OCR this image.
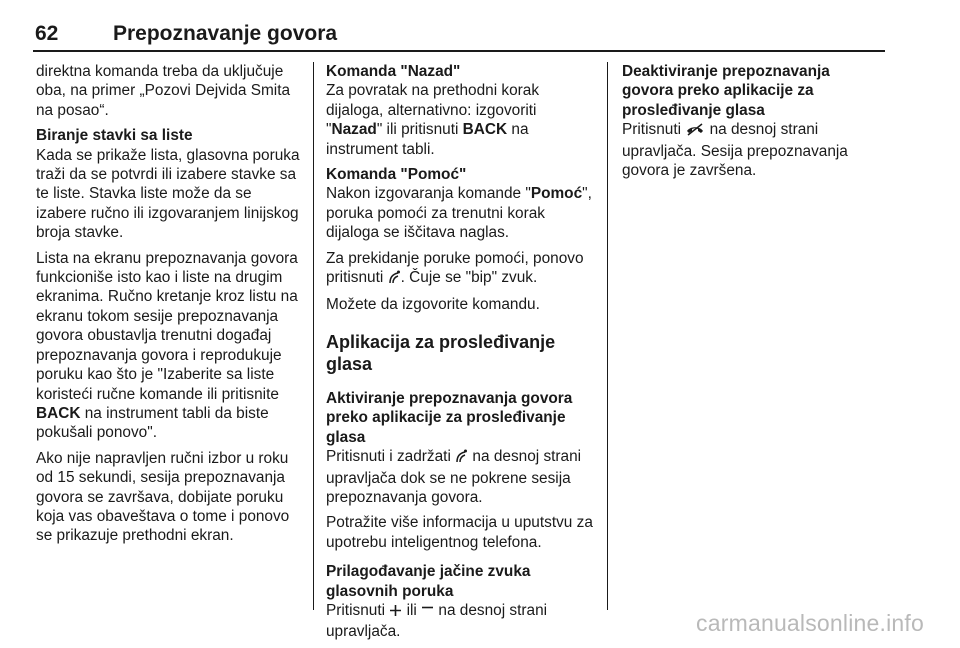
62	Prepoznavanje govora

direktna komanda treba da uključuje oba, na primer „Pozovi Dejvida Smita na posao“.

Biranje stavki sa liste

Kada se prikaže lista, glasovna poruka traži da se potvrdi ili izabere stavke sa te liste. Stavka liste može da se izabere ručno ili izgovaranjem linijskog broja stavke.

Lista na ekranu prepoznavanja govora funkcioniše isto kao i liste na drugim ekranima. Ručno kretanje kroz listu na ekranu tokom sesije prepoznavanja govora obustavlja trenutni događaj prepoznavanja govora i reprodukuje poruku kao što je "Izaberite sa liste koristeći ručne komande ili pritisnite BACK na instrument tabli da biste pokušali ponovo".

Ako nije napravljen ručni izbor u roku od 15 sekundi, sesija prepoznavanja govora se završava, dobijate poruku koja vas obaveštava o tome i ponovo se prikazuje prethodni ekran.

Komanda "Nazad"

Za povratak na prethodni korak dijaloga, alternativno: izgovoriti "Nazad" ili pritisnuti BACK na instrument tabli.

Komanda "Pomoć"

Nakon izgovaranja komande "Pomoć", poruka pomoći za trenutni korak dijaloga se iščitava naglas.

Za prekidanje poruke pomoći, ponovo pritisnuti . Čuje se "bip" zvuk.

Možete da izgovorite komandu.

Aplikacija za prosleđivanje glasa
Aktiviranje prepoznavanja govora preko aplikacije za prosleđivanje glasa

Pritisnuti i zadržati  na desnoj strani upravljača dok se ne pokrene sesija prepoznavanja govora.

Potražite više informacija u uputstvu za upotrebu inteligentnog telefona.

Prilagođavanje jačine zvuka glasovnih poruka

Pritisnuti  ili  na desnoj strani upravljača.

Deaktiviranje prepoznavanja govora preko aplikacije za prosleđivanje glasa

Pritisnuti  na desnoj strani upravljača. Sesija prepoznavanja govora je završena.

carmanualsonline.info
